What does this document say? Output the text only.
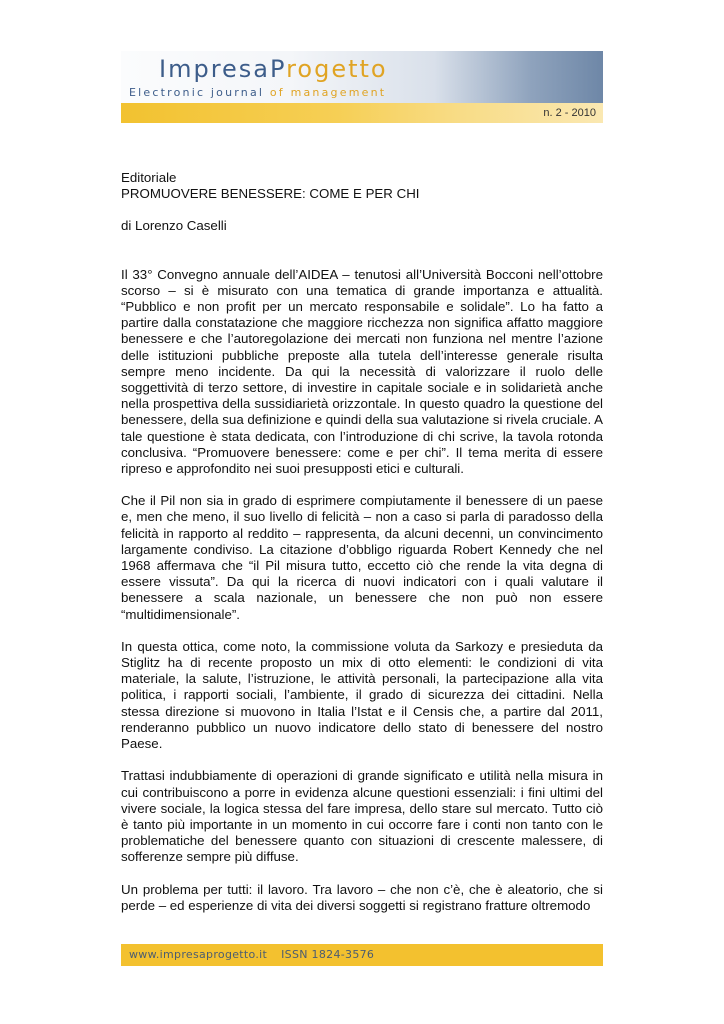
ImpresaProgetto
Electronic journal of management
n. 2 - 2010
Editoriale
PROMUOVERE BENESSERE: COME E PER CHI
di Lorenzo Caselli

Il 33° Convegno annuale dell’AIDEA – tenutosi all’Università Bocconi nell’ottobre scorso – si è misurato con una tematica di grande importanza e attualità. “Pubblico e non profit per un mercato responsabile e solidale”. Lo ha fatto a partire dalla constatazione che maggiore ricchezza non significa affatto maggiore benessere e che l’autoregolazione dei mercati non funziona nel mentre l’azione delle istituzioni pubbliche preposte alla tutela dell’interesse generale risulta sempre meno incidente. Da qui la necessità di valorizzare il ruolo delle soggettività di terzo settore, di investire in capitale sociale e in solidarietà anche nella prospettiva della sussidiarietà orizzontale. In questo quadro la questione del benessere, della sua definizione e quindi della sua valutazione si rivela cruciale. A tale questione è stata dedicata, con l’introduzione di chi scrive, la tavola rotonda conclusiva. “Promuovere benessere: come e per chi”. Il tema merita di essere ripreso e approfondito nei suoi presupposti etici e culturali.

Che il Pil non sia in grado di esprimere compiutamente il benessere di un paese e, men che meno, il suo livello di felicità – non a caso si parla di paradosso della felicità in rapporto al reddito – rappresenta, da alcuni decenni, un convincimento largamente condiviso. La citazione d’obbligo riguarda Robert Kennedy che nel 1968 affermava che “il Pil misura tutto, eccetto ciò che rende la vita degna di essere vissuta”. Da qui la ricerca di nuovi indicatori con i quali valutare il benessere a scala nazionale, un benessere che non può non essere “multidimensionale”.

In questa ottica, come noto, la commissione voluta da Sarkozy e presieduta da Stiglitz ha di recente proposto un mix di otto elementi: le condizioni di vita materiale, la salute, l’istruzione, le attività personali, la partecipazione alla vita politica, i rapporti sociali, l’ambiente, il grado di sicurezza dei cittadini. Nella stessa direzione si muovono in Italia l’Istat e il Censis che, a partire dal 2011, renderanno pubblico un nuovo indicatore dello stato di benessere del nostro Paese.

Trattasi indubbiamente di operazioni di grande significato e utilità nella misura in cui contribuiscono a porre in evidenza alcune questioni essenziali: i fini ultimi del vivere sociale, la logica stessa del fare impresa, dello stare sul mercato. Tutto ciò è tanto più importante in un momento in cui occorre fare i conti non tanto con le problematiche del benessere quanto con situazioni di crescente malessere, di sofferenze sempre più diffuse.

Un problema per tutti: il lavoro. Tra lavoro – che non c’è, che è aleatorio, che si perde – ed esperienze di vita dei diversi soggetti si registrano fratture oltremodo

www.impresaprogetto.it ISSN 1824-3576
